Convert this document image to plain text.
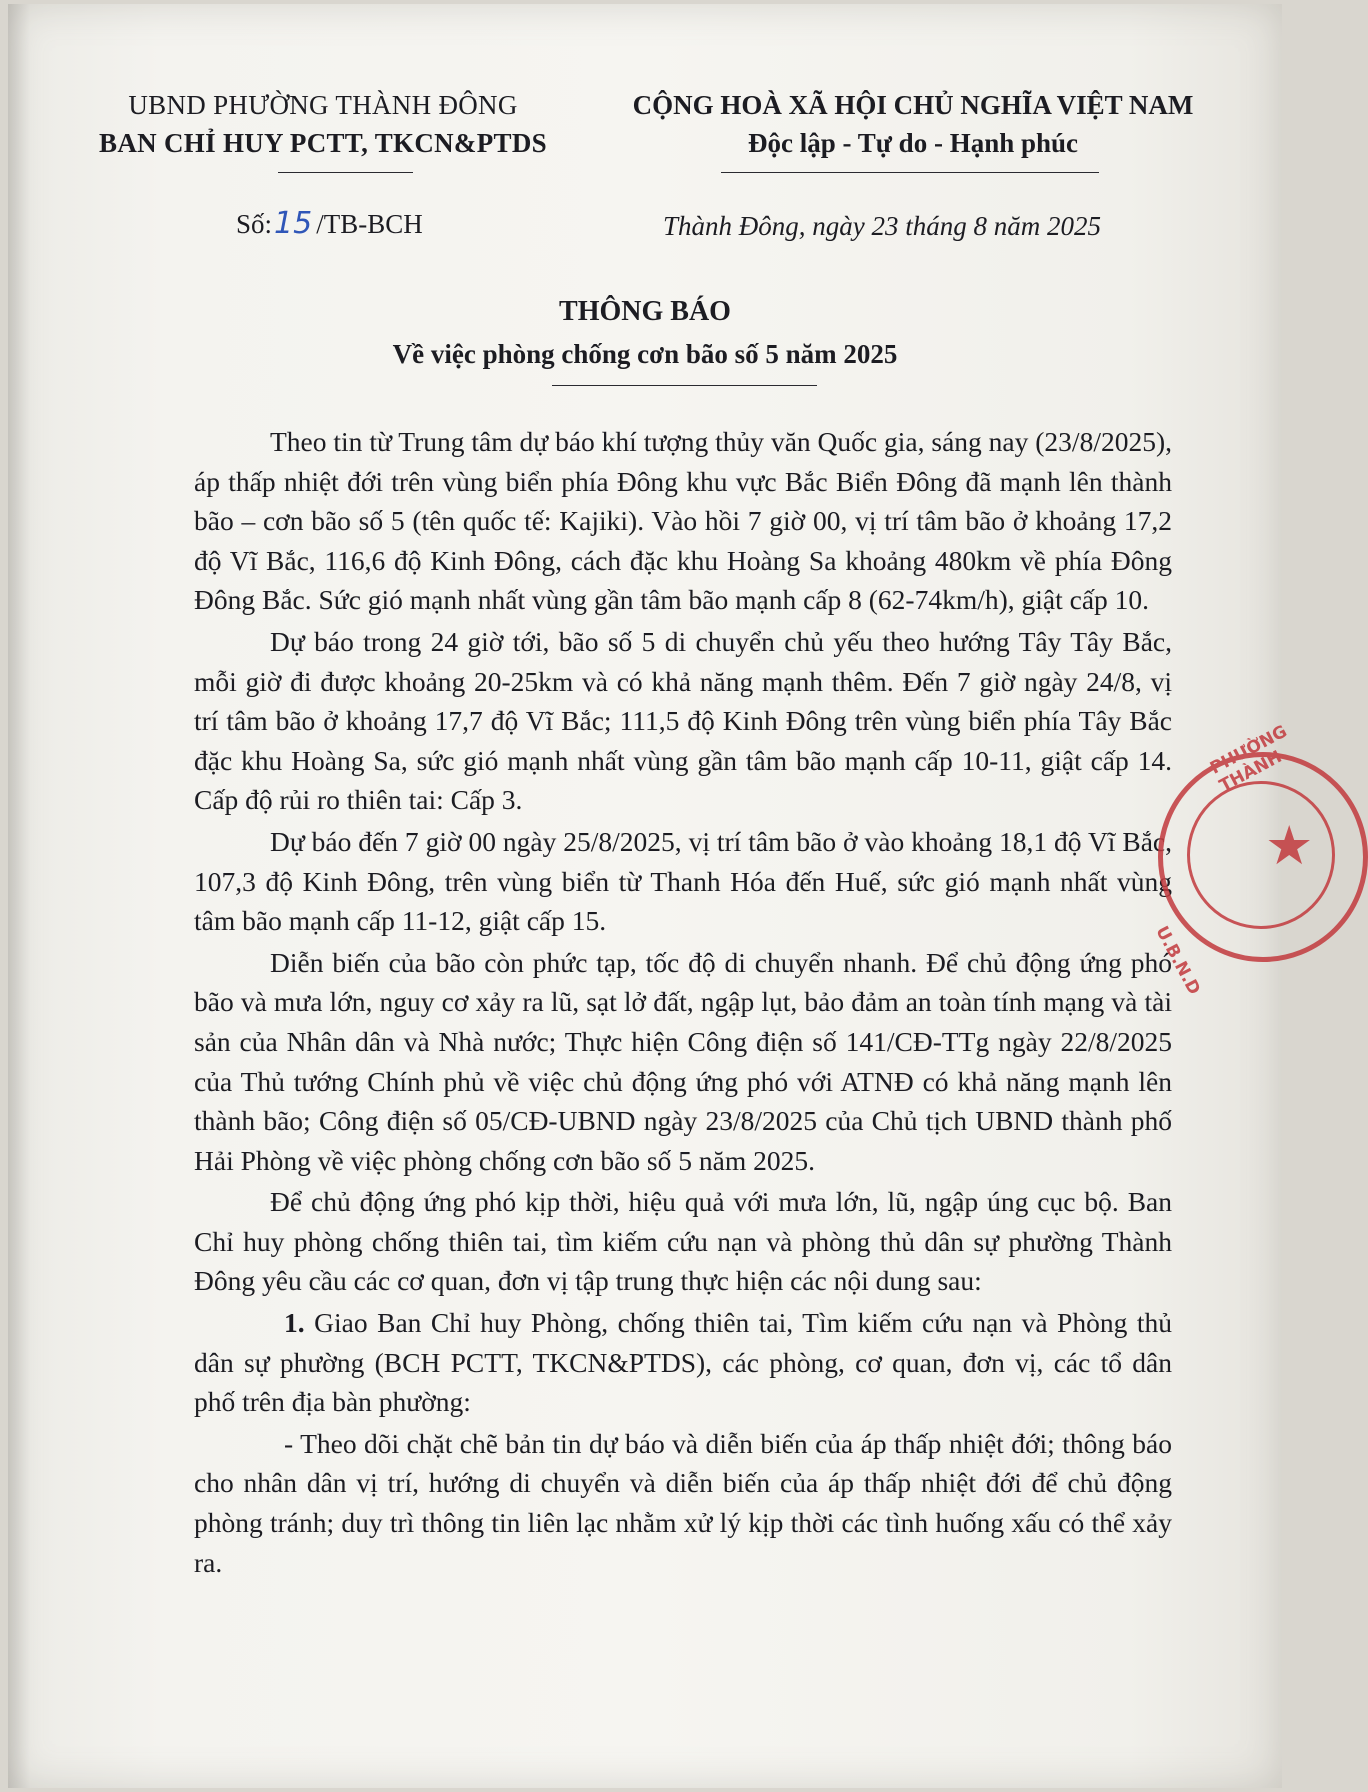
UBND PHƯỜNG THÀNH ĐÔNG
BAN CHỈ HUY PCTT, TKCN&PTDS
CỘNG HOÀ XÃ HỘI CHỦ NGHĨA VIỆT NAM
Độc lập - Tự do - Hạnh phúc
Số:15 /TB-BCH	Thành Đông, ngày 23 tháng 8 năm 2025
THÔNG BÁO
Về việc phòng chống cơn bão số 5 năm 2025

Theo tin từ Trung tâm dự báo khí tượng thủy văn Quốc gia, sáng nay (23/8/2025), áp thấp nhiệt đới trên vùng biển phía Đông khu vực Bắc Biển Đông đã mạnh lên thành bão – cơn bão số 5 (tên quốc tế: Kajiki). Vào hồi 7 giờ 00, vị trí tâm bão ở khoảng 17,2 độ Vĩ Bắc, 116,6 độ Kinh Đông, cách đặc khu Hoàng Sa khoảng 480km về phía Đông Đông Bắc. Sức gió mạnh nhất vùng gần tâm bão mạnh cấp 8 (62-74km/h), giật cấp 10.

Dự báo trong 24 giờ tới, bão số 5 di chuyển chủ yếu theo hướng Tây Tây Bắc, mỗi giờ đi được khoảng 20-25km và có khả năng mạnh thêm. Đến 7 giờ ngày 24/8, vị trí tâm bão ở khoảng 17,7 độ Vĩ Bắc; 111,5 độ Kinh Đông trên vùng biển phía Tây Bắc đặc khu Hoàng Sa, sức gió mạnh nhất vùng gần tâm bão mạnh cấp 10-11, giật cấp 14. Cấp độ rủi ro thiên tai: Cấp 3.

Dự báo đến 7 giờ 00 ngày 25/8/2025, vị trí tâm bão ở vào khoảng 18,1 độ Vĩ Bắc, 107,3 độ Kinh Đông, trên vùng biển từ Thanh Hóa đến Huế, sức gió mạnh nhất vùng tâm bão mạnh cấp 11-12, giật cấp 15.

Diễn biến của bão còn phức tạp, tốc độ di chuyển nhanh. Để chủ động ứng phó bão và mưa lớn, nguy cơ xảy ra lũ, sạt lở đất, ngập lụt, bảo đảm an toàn tính mạng và tài sản của Nhân dân và Nhà nước; Thực hiện Công điện số 141/CĐ-TTg ngày 22/8/2025 của Thủ tướng Chính phủ về việc chủ động ứng phó với ATNĐ có khả năng mạnh lên thành bão; Công điện số 05/CĐ-UBND ngày 23/8/2025 của Chủ tịch UBND thành phố Hải Phòng về việc phòng chống cơn bão số 5 năm 2025.

Để chủ động ứng phó kịp thời, hiệu quả với mưa lớn, lũ, ngập úng cục bộ. Ban Chỉ huy phòng chống thiên tai, tìm kiếm cứu nạn và phòng thủ dân sự phường Thành Đông yêu cầu các cơ quan, đơn vị tập trung thực hiện các nội dung sau:

1. Giao Ban Chỉ huy Phòng, chống thiên tai, Tìm kiếm cứu nạn và Phòng thủ dân sự phường (BCH PCTT, TKCN&PTDS), các phòng, cơ quan, đơn vị, các tổ dân phố trên địa bàn phường:

- Theo dõi chặt chẽ bản tin dự báo và diễn biến của áp thấp nhiệt đới; thông báo cho nhân dân vị trí, hướng di chuyển và diễn biến của áp thấp nhiệt đới để chủ động phòng tránh; duy trì thông tin liên lạc nhằm xử lý kịp thời các tình huống xấu có thể xảy ra.

★
PHƯỜNG THÀNH
U.B.N.D
